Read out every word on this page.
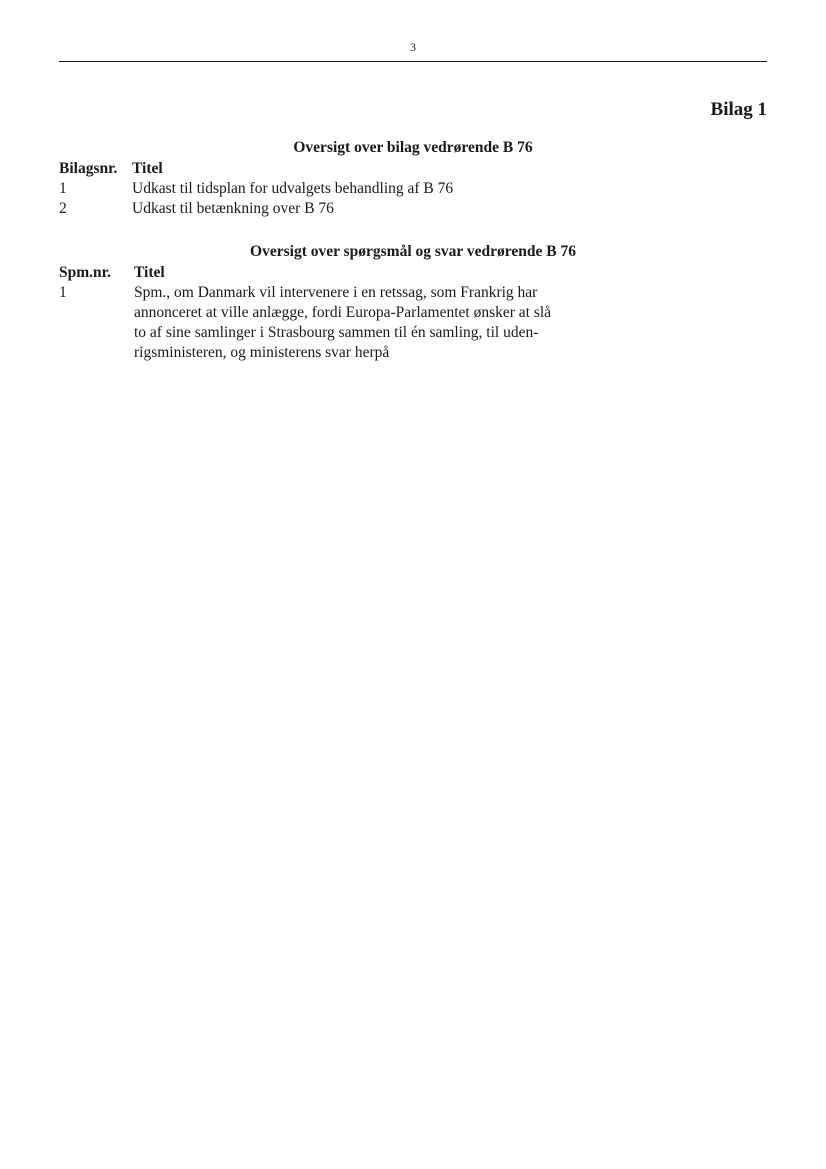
3
Bilag 1
Oversigt over bilag vedrørende B 76
Bilagsnr. Titel
1	Udkast til tidsplan for udvalgets behandling af B 76
2	Udkast til betænkning over B 76
Oversigt over spørgsmål og svar vedrørende B 76
Spm.nr. Titel
1	Spm., om Danmark vil intervenere i en retssag, som Frankrig har
annonceret at ville anlægge, fordi Europa-Parlamentet ønsker at slå
to af sine samlinger i Strasbourg sammen til én samling, til uden-
rigsministeren, og ministerens svar herpå
